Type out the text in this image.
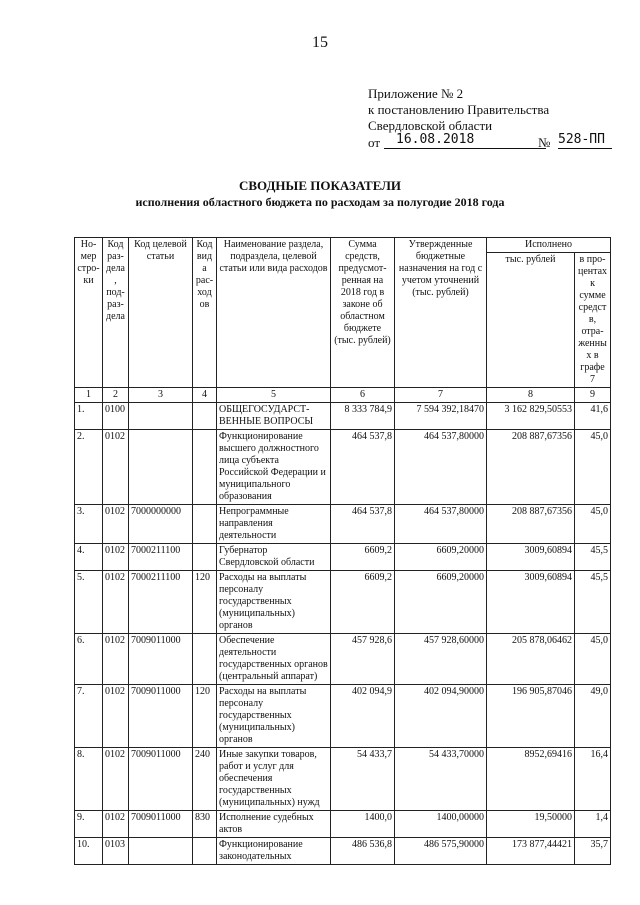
15
Приложение № 2
к постановлению Правительства
Свердловской области
от	16.08.2018	№ 528-ПП
СВОДНЫЕ ПОКАЗАТЕЛИ
исполнения областного бюджета по расходам за полугодие 2018 года
Но-мер стро-ки	Код раз-дела, под-раз-дела	Код целевой статьи	Код вида рас-ходов	Наименование раздела, подраздела, целевой статьи или вида расходов	Сумма средств, предусмот-ренная на 2018 год в законе об областном бюджете (тыс. рублей)	Утвержденные бюджетные назначения на год с учетом уточнений (тыс. рублей)	Исполнено	
							тыс. рублей	в про-центах к сумме средств, отра-женных в графе 7
1	2	3	4	5	6	7	8	9
1.	0100			ОБЩЕГОСУДАРСТ-ВЕННЫЕ ВОПРОСЫ	8 333 784,9	7 594 392,18470	3 162 829,50553	41,6
2.	0102			Функционирование высшего должностного лица субъекта Российской Федерации и муниципального образования	464 537,8	464 537,80000	208 887,67356	45,0
3.	0102	7000000000		Непрограммные направления деятельности	464 537,8	464 537,80000	208 887,67356	45,0
4.	0102	7000211100		Губернатор Свердловской области	6609,2	6609,20000	3009,60894	45,5
5.	0102	7000211100	120	Расходы на выплаты персоналу государственных (муниципальных) органов	6609,2	6609,20000	3009,60894	45,5
6.	0102	7009011000		Обеспечение деятельности государственных органов (центральный аппарат)	457 928,6	457 928,60000	205 878,06462	45,0
7.	0102	7009011000	120	Расходы на выплаты персоналу государственных (муниципальных) органов	402 094,9	402 094,90000	196 905,87046	49,0
8.	0102	7009011000	240	Иные закупки товаров, работ и услуг для обеспечения государственных (муниципальных) нужд	54 433,7	54 433,70000	8952,69416	16,4
9.	0102	7009011000	830	Исполнение судебных актов	1400,0	1400,00000	19,50000	1,4
10.	0103			Функционирование законодательных	486 536,8	486 575,90000	173 877,44421	35,7
